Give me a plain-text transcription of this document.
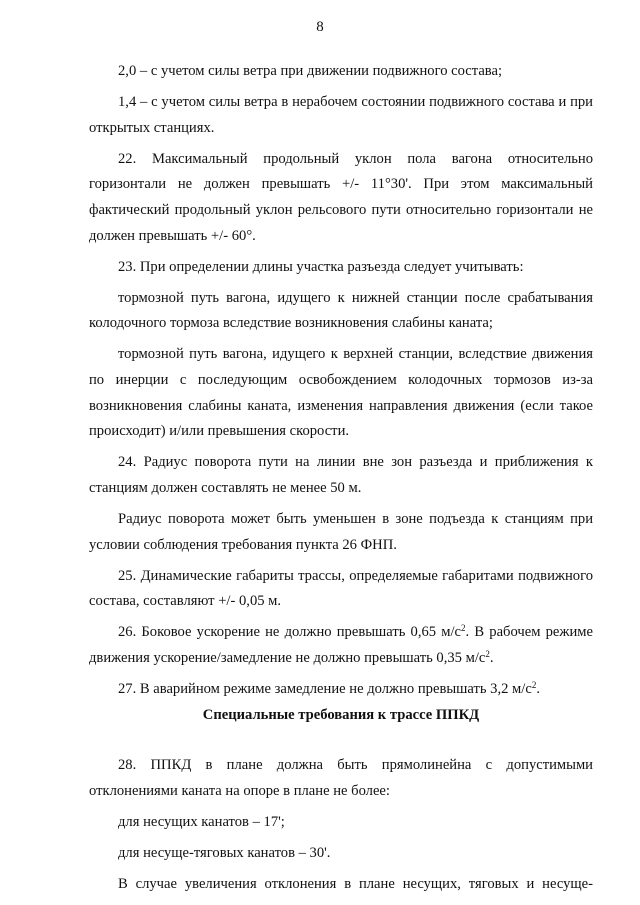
8

2,0 – с учетом силы ветра при движении подвижного состава;

1,4 – с учетом силы ветра в нерабочем состоянии подвижного состава и при открытых станциях.

22. Максимальный продольный уклон пола вагона относительно горизонтали не должен превышать +/- 11°30'. При этом максимальный фактический продольный уклон рельсового пути относительно горизонтали не должен превышать +/- 60°.

23. При определении длины участка разъезда следует учитывать:

тормозной путь вагона, идущего к нижней станции после срабатывания колодочного тормоза вследствие возникновения слабины каната;

тормозной путь вагона, идущего к верхней станции, вследствие движения по инерции с последующим освобождением колодочных тормозов из-за возникновения слабины каната, изменения направления движения (если такое происходит) и/или превышения скорости.

24. Радиус поворота пути на линии вне зон разъезда и приближения к станциям должен составлять не менее 50 м.

Радиус поворота может быть уменьшен в зоне подъезда к станциям при условии соблюдения требования пункта 26 ФНП.

25. Динамические габариты трассы, определяемые габаритами подвижного состава, составляют +/- 0,05 м.

26. Боковое ускорение не должно превышать 0,65 $м/с^2$. В рабочем режиме движения ускорение/замедление не должно превышать 0,35 $м/с^2$.

27. В аварийном режиме замедление не должно превышать 3,2 $м/с^2$.

Специальные требования к трассе ППКД

28. ППКД в плане должна быть прямолинейна с допустимыми отклонениями каната на опоре в плане не более:

для несущих канатов – 17';

для несуще-тяговых канатов – 30'.

В случае увеличения отклонения в плане несущих, тяговых и несуще-
